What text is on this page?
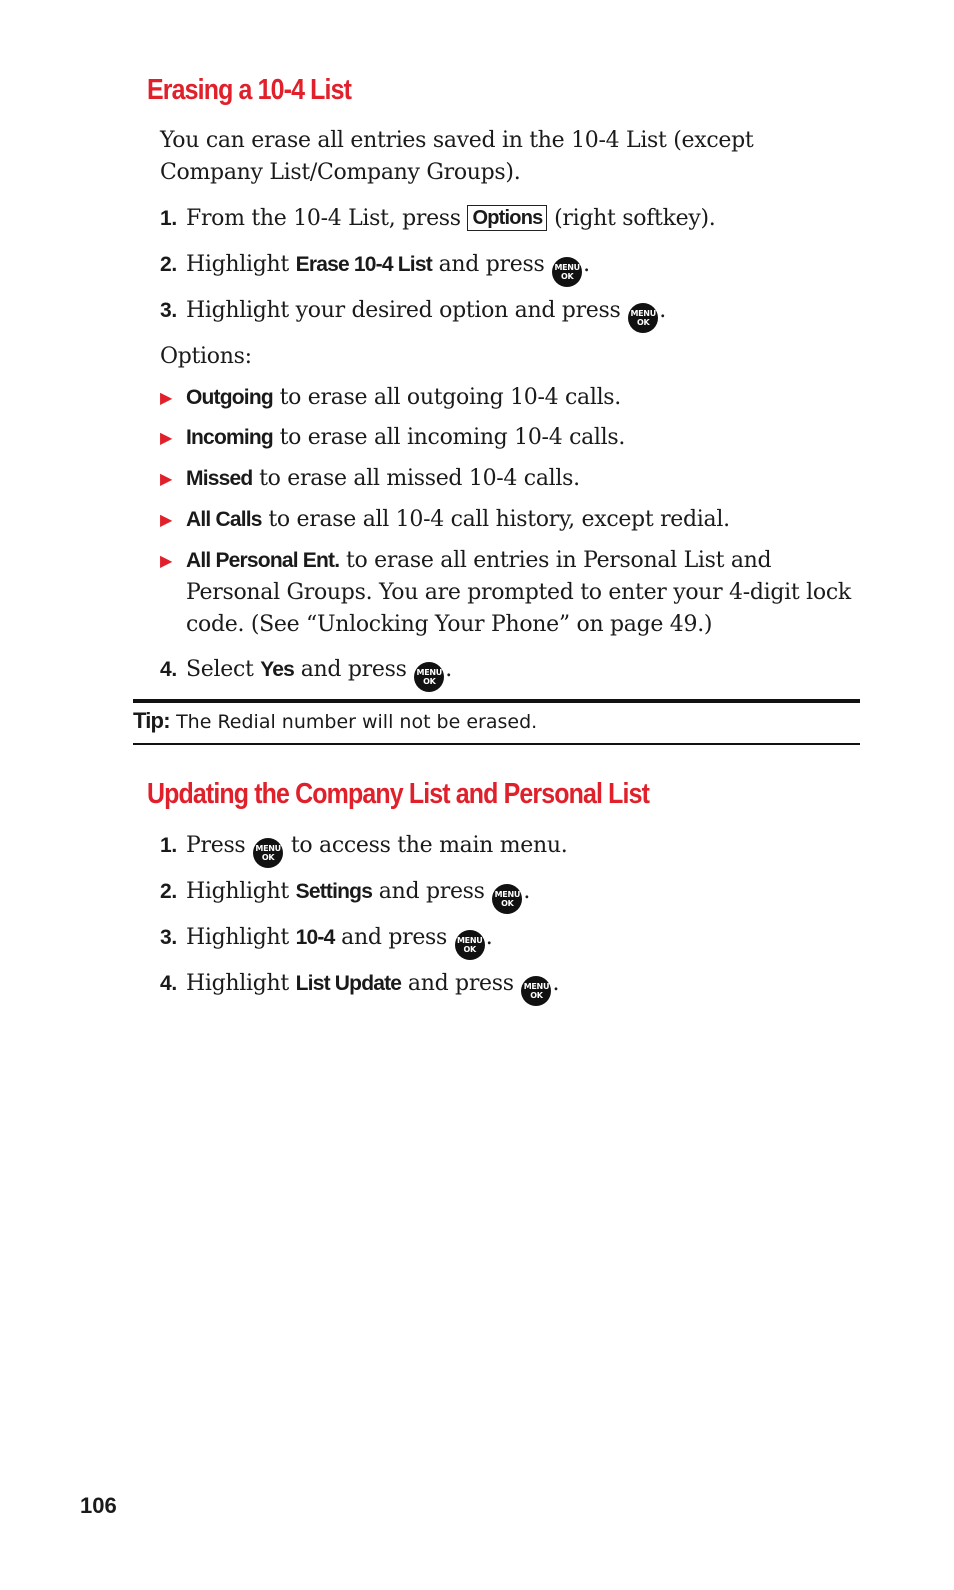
Erasing a 10-4 List
You can erase all entries saved in the 10-4 List (except Company List/Company Groups).
1. From the 10-4 List, press Options (right softkey).
2. Highlight Erase 10-4 List and press MENU
OK .
3. Highlight your desired option and press MENU
OK .
Options:
▶ Outgoing to erase all outgoing 10-4 calls.
▶ Incoming to erase all incoming 10-4 calls.
▶ Missed to erase all missed 10-4 calls.
▶ All Calls to erase all 10-4 call history, except redial.
▶ All Personal Ent. to erase all entries in Personal List and Personal Groups. You are prompted to enter your 4-digit lock code. (See “Unlocking Your Phone” on page 49.)
4. Select Yes and press MENU
OK .
Tip: The Redial number will not be erased.
Updating the Company List and Personal List
1. Press MENU
OK to access the main menu.
2. Highlight Settings and press MENU
OK .
3. Highlight 10-4 and press MENU
OK .
4. Highlight List Update and press MENU
OK .
106
